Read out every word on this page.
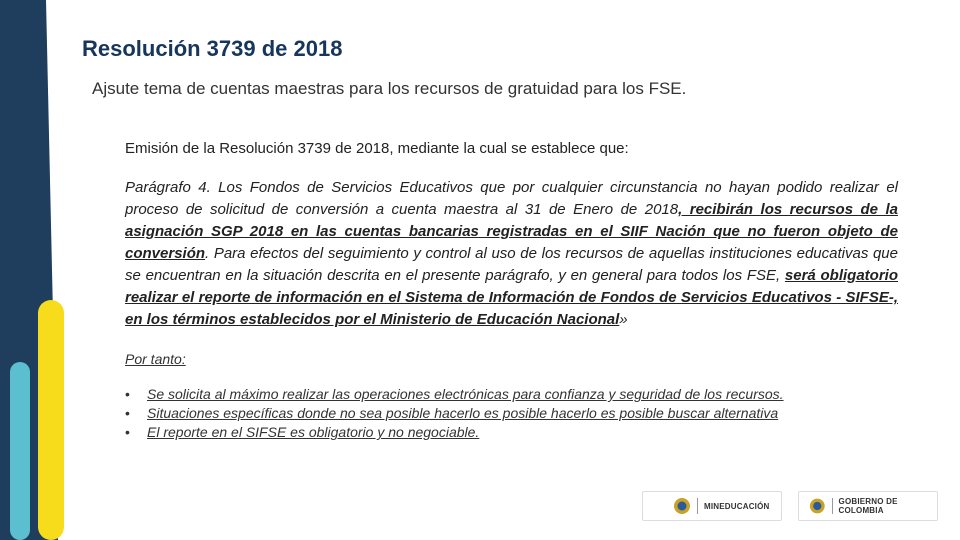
Resolución 3739 de 2018
Ajsute tema de cuentas maestras para los recursos de gratuidad para los FSE.

Emisión de la Resolución 3739 de 2018, mediante la cual se establece que:

Parágrafo 4. Los Fondos de Servicios Educativos que por cualquier circunstancia no hayan podido realizar el proceso de solicitud de conversión a cuenta maestra al 31 de Enero de 2018, recibirán los recursos de la asignación SGP 2018 en las cuentas bancarias registradas en el SIIF Nación que no fueron objeto de conversión. Para efectos del seguimiento y control al uso de los recursos de aquellas instituciones educativas que se encuentran en la situación descrita en el presente parágrafo, y en general para todos los FSE, será obligatorio realizar el reporte de información en el Sistema de Información de Fondos de Servicios Educativos - SIFSE-, en los términos establecidos por el Ministerio de Educación Nacional»

Por tanto:

• Se solicita al máximo realizar las operaciones electrónicas para confianza y seguridad de los recursos.
• Situaciones específicas donde no sea posible hacerlo es posible hacerlo es posible buscar alternativa
• El reporte en el SIFSE es obligatorio y no negociable.
MINEDUCACIÓN	GOBIERNO DE COLOMBIA
